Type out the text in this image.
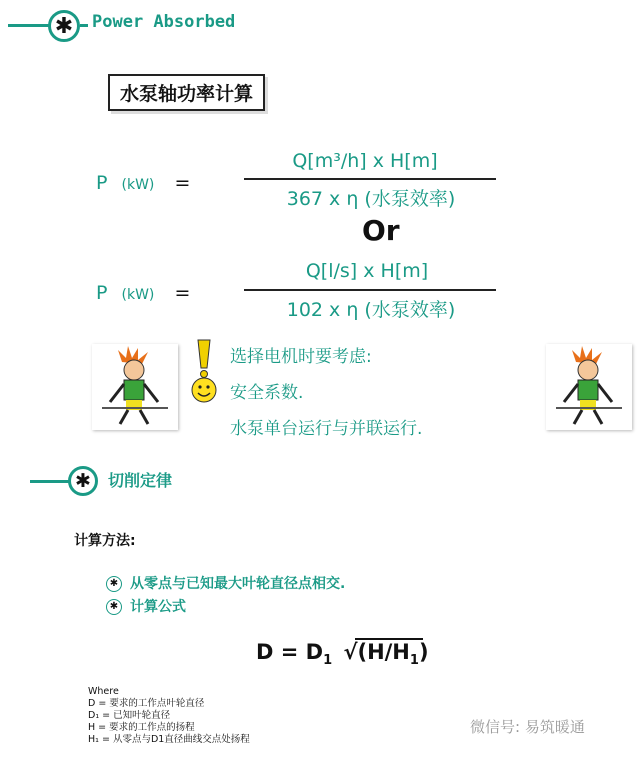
✱	Power Absorbed
水泵轴功率计算
P (kW) =
Q[m³/h] x H[m]
367 x η (水泵效率)
Or
P (kW) =
Q[l/s] x H[m]
102 x η (水泵效率)
选择电机时要考虑:
安全系数.
水泵单台运行与并联运行.
✱	切削定律
计算方法:
✱ 从零点与已知最大叶轮直径点相交.
✱ 计算公式
$D = D_1$ $√(H/H_1)$
Where
D = 要求的工作点叶轮直径
D₁ = 已知叶轮直径
H = 要求的工作点的扬程
H₁ = 从零点与D1直径曲线交点处扬程
微信号: 易筑暖通
